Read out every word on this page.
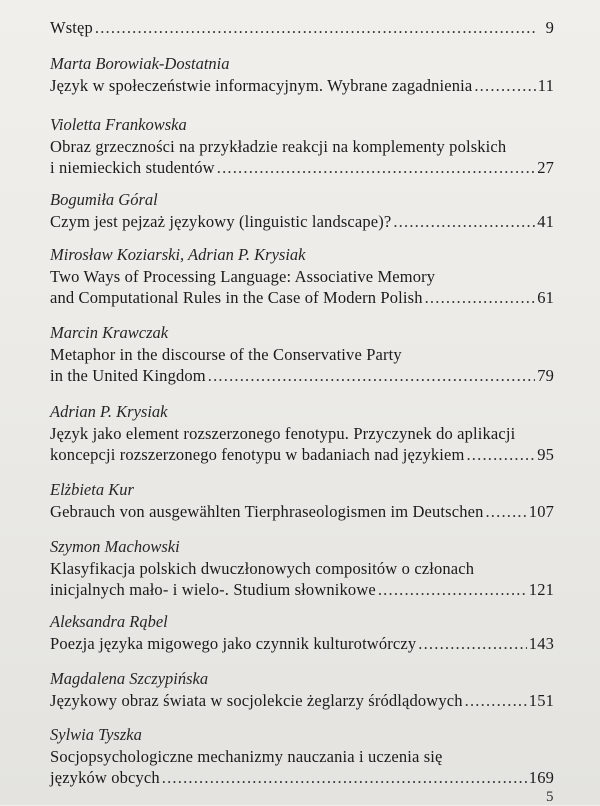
Wstęp .....	9
Marta Borowiak-Dostatnia
Język w społeczeństwie informacyjnym. Wybrane zagadnienia .....	11
Violetta Frankowska
Obraz grzeczności na przykładzie reakcji na komplementy polskich
i niemieckich studentów .....	27
Bogumiła Góral
Czym jest pejzaż językowy (linguistic landscape)? .....	41
Mirosław Koziarski, Adrian P. Krysiak
Two Ways of Processing Language: Associative Memory
and Computational Rules in the Case of Modern Polish .....	61
Marcin Krawczak
Metaphor in the discourse of the Conservative Party
in the United Kingdom .....	79
Adrian P. Krysiak
Język jako element rozszerzonego fenotypu. Przyczynek do aplikacji
koncepcji rozszerzonego fenotypu w badaniach nad językiem .....	95
Elżbieta Kur
Gebrauch von ausgewählten Tierphraseologismen im Deutschen .....	107
Szymon Machowski
Klasyfikacja polskich dwuczłonowych compositów o członach
inicjalnych mało- i wielo-. Studium słownikowe .....	121
Aleksandra Rąbel
Poezja języka migowego jako czynnik kulturotwórczy .....	143
Magdalena Szczypińska
Językowy obraz świata w socjolekcie żeglarzy śródlądowych .....	151
Sylwia Tyszka
Socjopsychologiczne mechanizmy nauczania i uczenia się
języków obcych .....	169
5
